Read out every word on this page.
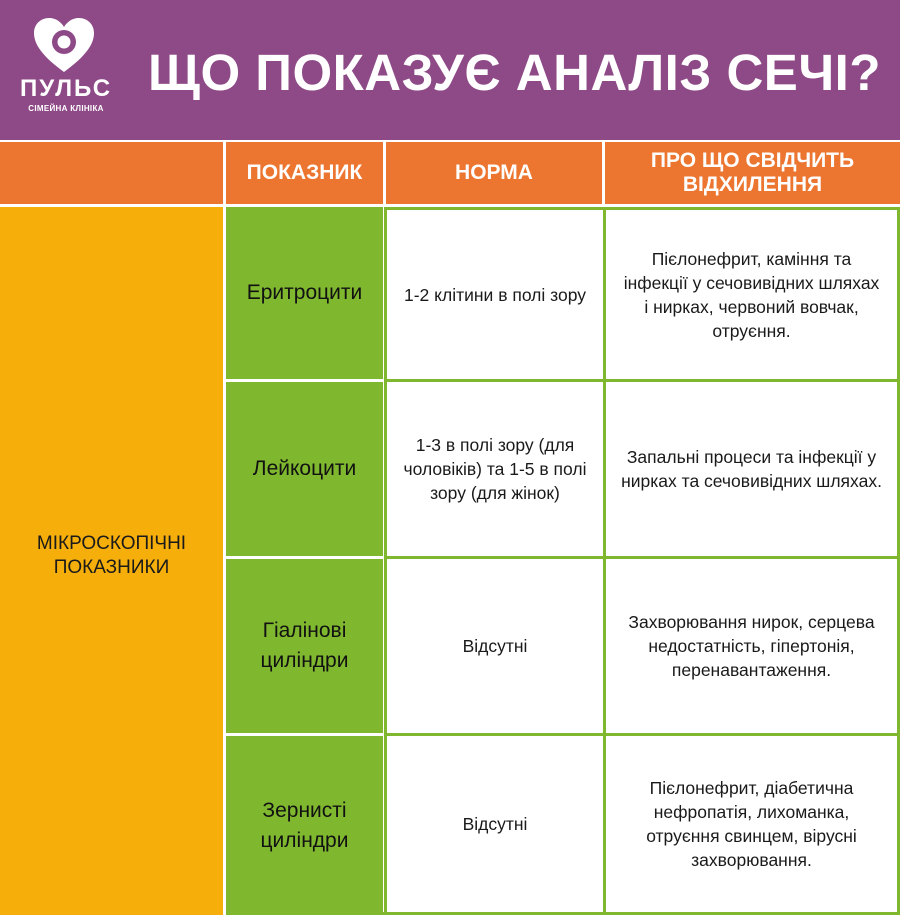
ПУЛЬС
СІМЕЙНА КЛІНІКА
ЩО ПОКАЗУЄ АНАЛІЗ СЕЧІ?
ПОКАЗНИК	НОРМА
ПРО ЩО СВІДЧИТЬ ВІДХИЛЕННЯ
МІКРОСКОПІЧНІ ПОКАЗНИКИ
Еритроцити	1-2 клітини в полі зору
Пієлонефрит, каміння та інфекції у сечовивідних шляхах і нирках, червоний вовчак, отруєння.
Лейкоцити
1-3 в полі зору (для чоловіків) та 1-5 в полі зору (для жінок)
Запальні процеси та інфекції у нирках та сечовивідних шляхах.
Гіалінові циліндри
Відсутні
Захворювання нирок, серцева недостатність, гіпертонія, перенавантаження.
Зернисті циліндри
Відсутні
Пієлонефрит, діабетична нефропатія, лихоманка, отруєння свинцем, вірусні захворювання.
